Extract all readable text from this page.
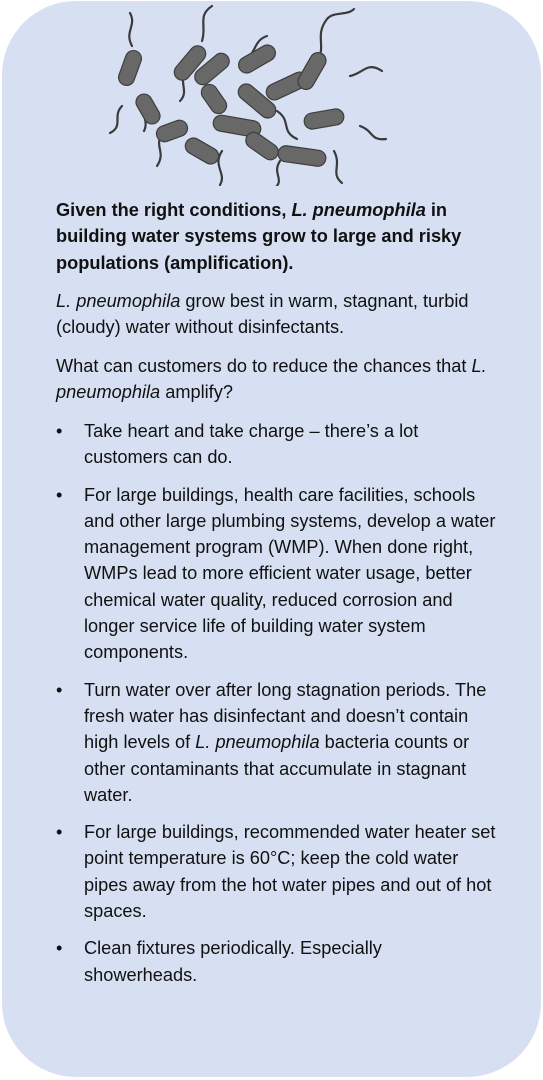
Given the right conditions, L. pneumophila in building water systems grow to large and risky populations (amplification).
L. pneumophila grow best in warm, stagnant, turbid (cloudy) water without disinfectants.
What can customers do to reduce the chances that L. pneumophila amplify?
• Take heart and take charge – there’s a lot customers can do.
• For large buildings, health care facilities, schools and other large plumbing systems, develop a water management program (WMP). When done right, WMPs lead to more efficient water usage, better chemical water quality, reduced corrosion and longer service life of building water system components.
• Turn water over after long stagnation periods. The fresh water has disinfectant and doesn’t contain high levels of L. pneumophila bacteria counts or other contaminants that accumulate in stagnant water.
• For large buildings, recommended water heater set point temperature is 60°C; keep the cold water pipes away from the hot water pipes and out of hot spaces.
• Clean fixtures periodically. Especially showerheads.
